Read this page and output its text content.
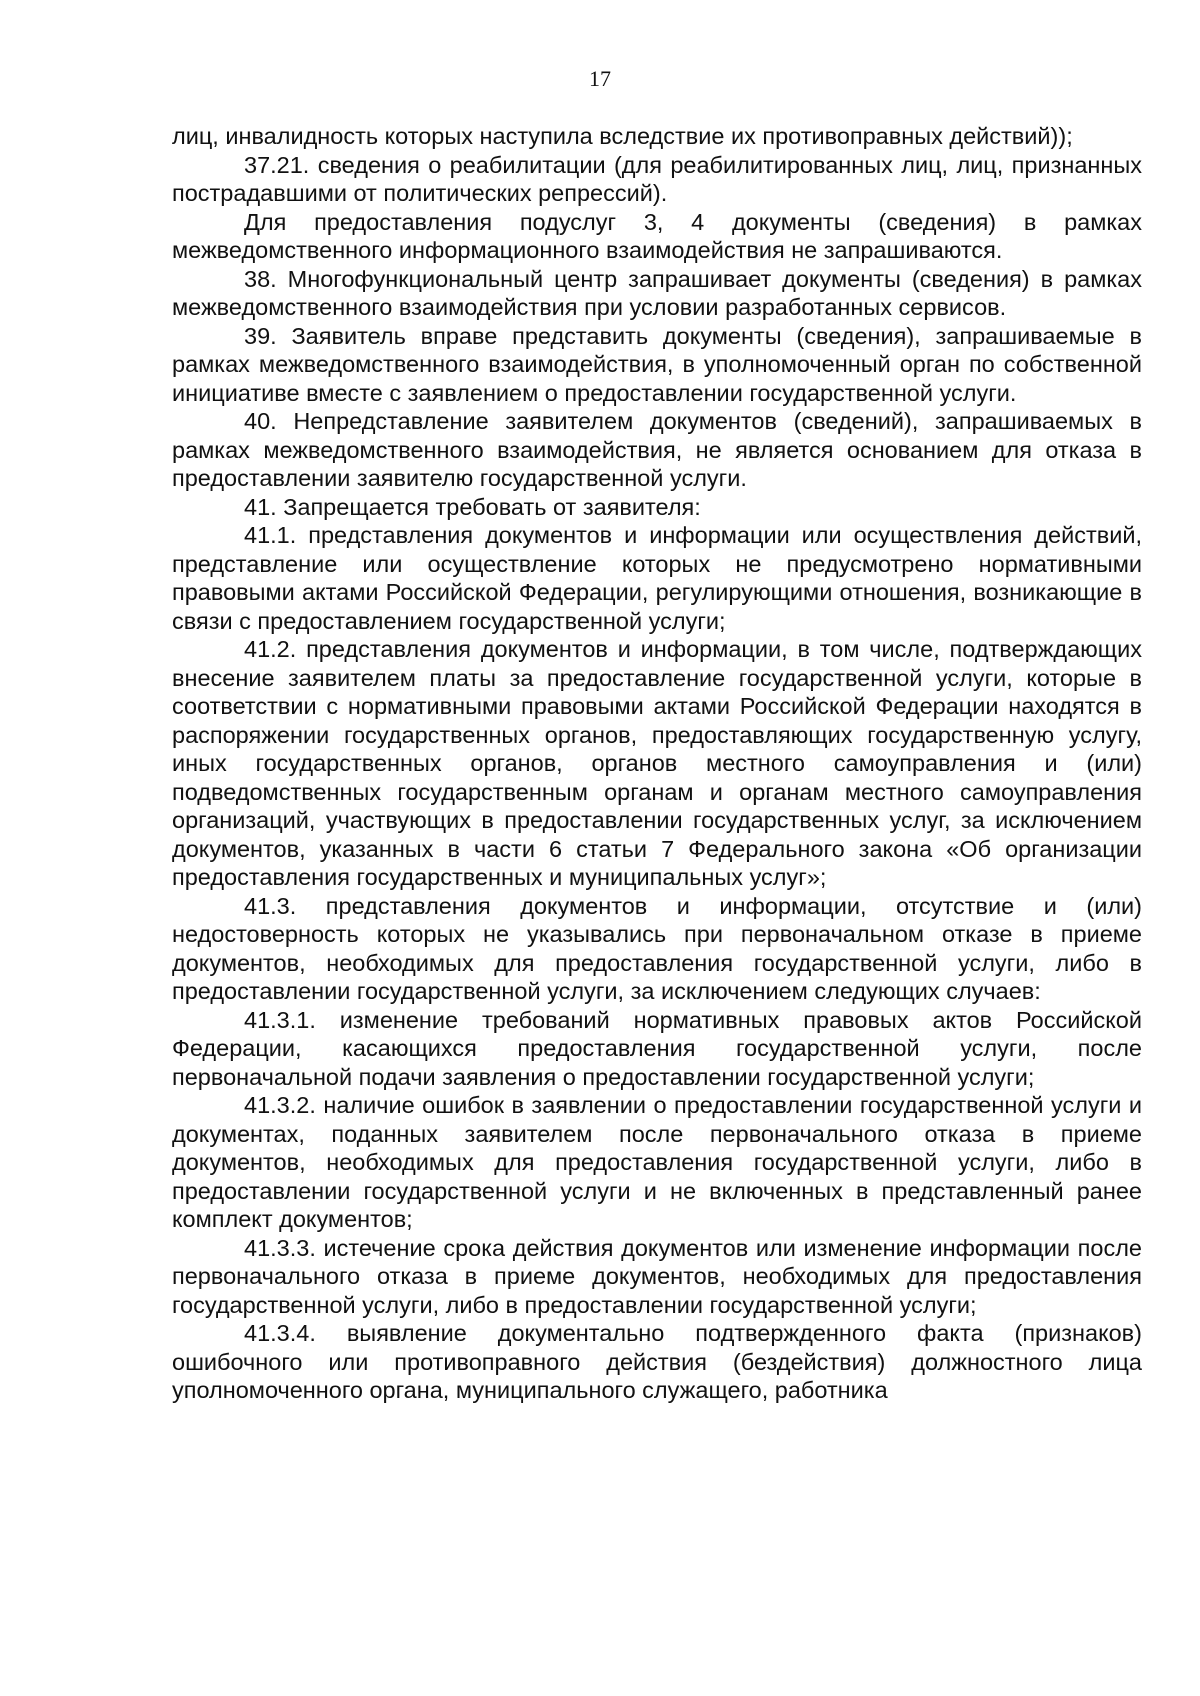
17

лиц, инвалидность которых наступила вследствие их противоправных действий));

37.21. сведения о реабилитации (для реабилитированных лиц, лиц, признанных пострадавшими от политических репрессий).

Для предоставления подуслуг 3, 4 документы (сведения) в рамках межведомственного информационного взаимодействия не запрашиваются.

38. Многофункциональный центр запрашивает документы (сведения) в рамках межведомственного взаимодействия при условии разработанных сервисов.

39. Заявитель вправе представить документы (сведения), запрашиваемые в рамках межведомственного взаимодействия, в уполномоченный орган по собственной инициативе вместе с заявлением о предоставлении государственной услуги.

40. Непредставление заявителем документов (сведений), запрашиваемых в рамках межведомственного взаимодействия, не является основанием для отказа в предоставлении заявителю государственной услуги.

41. Запрещается требовать от заявителя:

41.1. представления документов и информации или осуществления действий, представление или осуществление которых не предусмотрено нормативными правовыми актами Российской Федерации, регулирующими отношения, возникающие в связи с предоставлением государственной услуги;

41.2. представления документов и информации, в том числе, подтверждающих внесение заявителем платы за предоставление государственной услуги, которые в соответствии с нормативными правовыми актами Российской Федерации находятся в распоряжении государственных органов, предоставляющих государственную услугу, иных государственных органов, органов местного самоуправления и (или) подведомственных государственным органам и органам местного самоуправления организаций, участвующих в предоставлении государственных услуг, за исключением документов, указанных в части 6 статьи 7 Федерального закона «Об организации предоставления государственных и муниципальных услуг»;

41.3. представления документов и информации, отсутствие и (или) недостоверность которых не указывались при первоначальном отказе в приеме документов, необходимых для предоставления государственной услуги, либо в предоставлении государственной услуги, за исключением следующих случаев:

41.3.1. изменение требований нормативных правовых актов Российской Федерации, касающихся предоставления государственной услуги, после первоначальной подачи заявления о предоставлении государственной услуги;

41.3.2. наличие ошибок в заявлении о предоставлении государственной услуги и документах, поданных заявителем после первоначального отказа в приеме документов, необходимых для предоставления государственной услуги, либо в предоставлении государственной услуги и не включенных в представленный ранее комплект документов;

41.3.3. истечение срока действия документов или изменение информации после первоначального отказа в приеме документов, необходимых для предоставления государственной услуги, либо в предоставлении государственной услуги;

41.3.4. выявление документально подтвержденного факта (признаков) ошибочного или противоправного действия (бездействия) должностного лица уполномоченного органа, муниципального служащего, работника
